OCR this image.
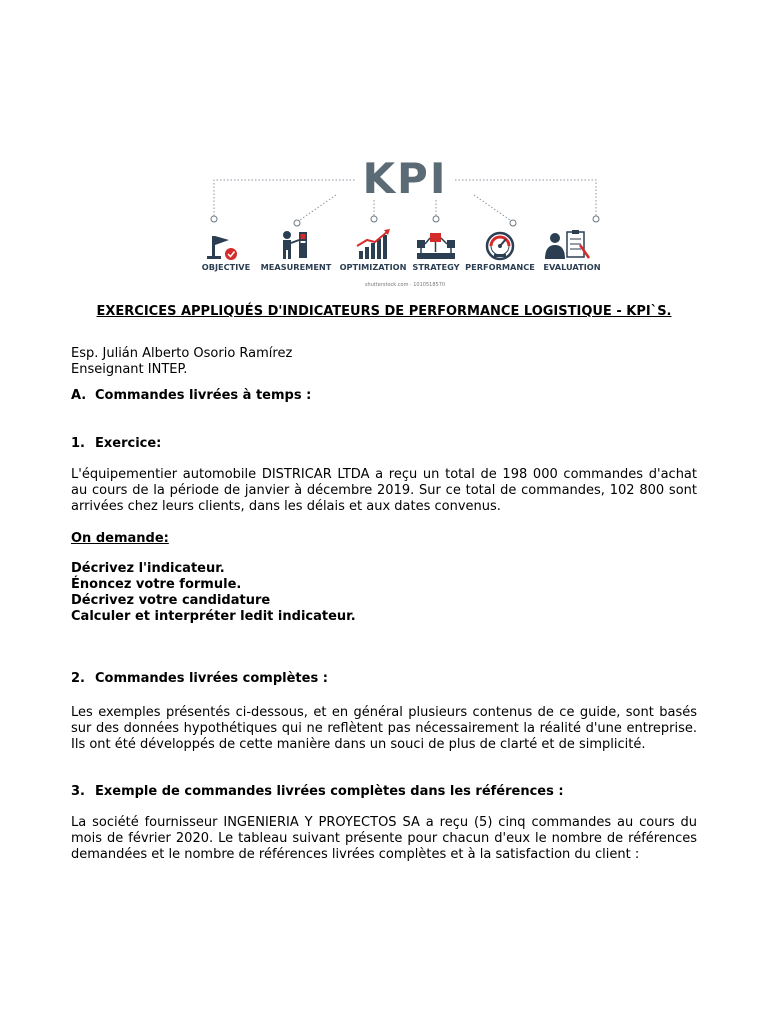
KPI
OBJECTIVE MEASUREMENT OPTIMIZATION STRATEGY PERFORMANCE EVALUATION
shutterstock.com · 1010518570
EXERCICES APPLIQUÉS D'INDICATEURS DE PERFORMANCE LOGISTIQUE - KPI`S.
Esp. Julián Alberto Osorio Ramírez
Enseignant INTEP.
A. Commandes livrées à temps :
1. Exercice:
L'équipementier automobile DISTRICAR LTDA a reçu un total de 198 000 commandes d'achat au cours de la période de janvier à décembre 2019. Sur ce total de commandes, 102 800 sont arrivées chez leurs clients, dans les délais et aux dates convenus.
On demande:
Décrivez l'indicateur.
Énoncez votre formule.
Décrivez votre candidature
Calculer et interpréter ledit indicateur.
2. Commandes livrées complètes :
Les exemples présentés ci-dessous, et en général plusieurs contenus de ce guide, sont basés sur des données hypothétiques qui ne reflètent pas nécessairement la réalité d'une entreprise. Ils ont été développés de cette manière dans un souci de plus de clarté et de simplicité.
3. Exemple de commandes livrées complètes dans les références :
La société fournisseur INGENIERIA Y PROYECTOS SA a reçu (5) cinq commandes au cours du mois de février 2020. Le tableau suivant présente pour chacun d'eux le nombre de références demandées et le nombre de références livrées complètes et à la satisfaction du client :
